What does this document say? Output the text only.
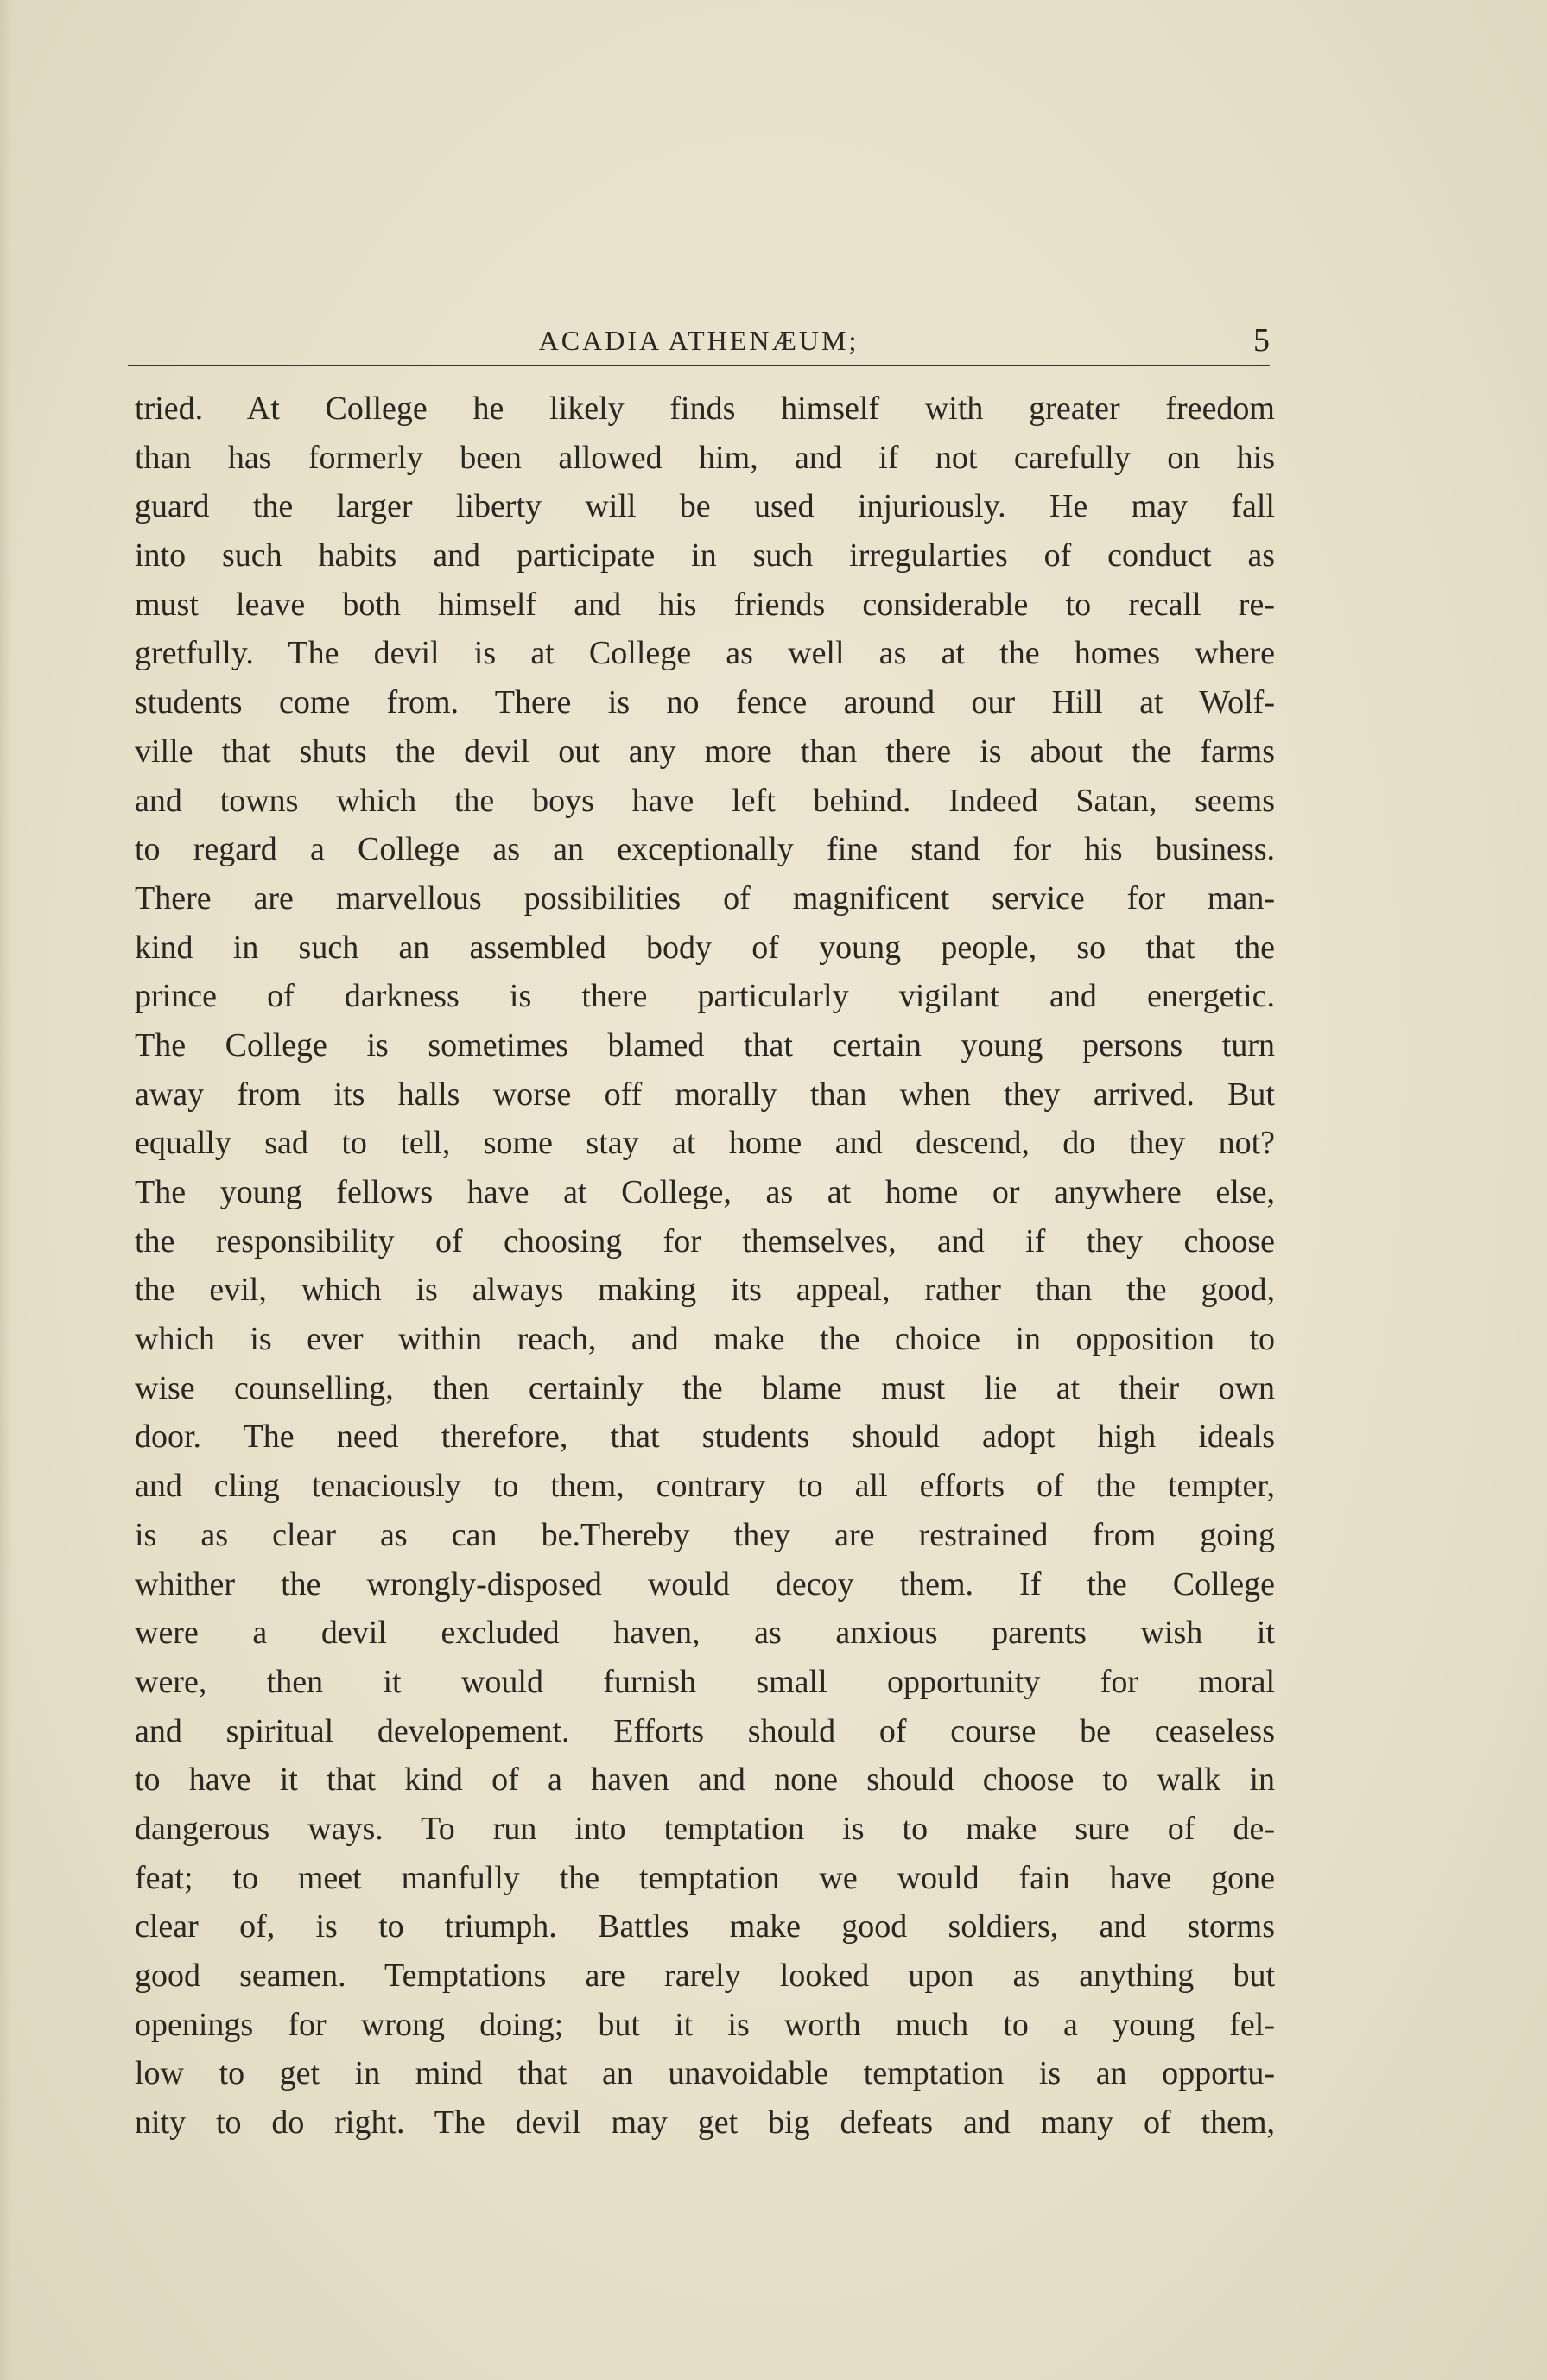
ACADIA ATHENÆUM;	5
tried. At College he likely finds himself with greater freedom
than has formerly been allowed him, and if not carefully on his
guard the larger liberty will be used injuriously. He may fall
into such habits and participate in such irregularties of conduct as
must leave both himself and his friends considerable to recall re-
gretfully. The devil is at College as well as at the homes where
students come from. There is no fence around our Hill at Wolf-
ville that shuts the devil out any more than there is about the farms
and towns which the boys have left behind. Indeed Satan, seems
to regard a College as an exceptionally fine stand for his business.
There are marvellous possibilities of magnificent service for man-
kind in such an assembled body of young people, so that the
prince of darkness is there particularly vigilant and energetic.
The College is sometimes blamed that certain young persons turn
away from its halls worse off morally than when they arrived. But
equally sad to tell, some stay at home and descend, do they not?
The young fellows have at College, as at home or anywhere else,
the responsibility of choosing for themselves, and if they choose
the evil, which is always making its appeal, rather than the good,
which is ever within reach, and make the choice in opposition to
wise counselling, then certainly the blame must lie at their own
door. The need therefore, that students should adopt high ideals
and cling tenaciously to them, contrary to all efforts of the tempter,
is as clear as can be.Thereby they are restrained from going
whither the wrongly-disposed would decoy them. If the College
were a devil excluded haven, as anxious parents wish it
were, then it would furnish small opportunity for moral
and spiritual developement. Efforts should of course be ceaseless
to have it that kind of a haven and none should choose to walk in
dangerous ways. To run into temptation is to make sure of de-
feat; to meet manfully the temptation we would fain have gone
clear of, is to triumph. Battles make good soldiers, and storms
good seamen. Temptations are rarely looked upon as anything but
openings for wrong doing; but it is worth much to a young fel-
low to get in mind that an unavoidable temptation is an opportu-
nity to do right. The devil may get big defeats and many of them,
